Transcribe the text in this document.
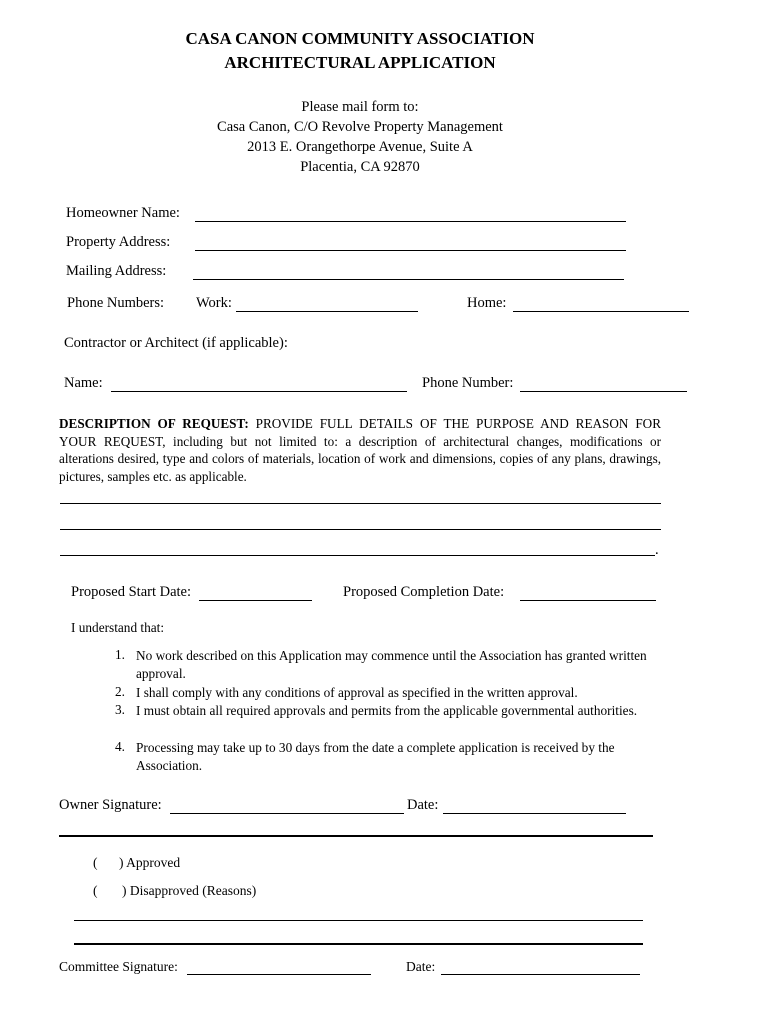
CASA CANON COMMUNITY ASSOCIATION
ARCHITECTURAL APPLICATION
Please mail form to:
Casa Canon, C/O Revolve Property Management
2013 E. Orangethorpe Avenue, Suite A
Placentia, CA 92870
Homeowner Name:
Property Address:
Mailing Address:
Phone Numbers: Work:	Home:
Contractor or Architect (if applicable):
Name:	Phone Number:
DESCRIPTION OF REQUEST: PROVIDE FULL DETAILS OF THE PURPOSE AND REASON FOR YOUR REQUEST, including but not limited to: a description of architectural changes, modifications or alterations desired, type and colors of materials, location of work and dimensions, copies of any plans, drawings, pictures, samples etc. as applicable.
.
Proposed Start Date:	Proposed Completion Date:
I understand that:
1. No work described on this Application may commence until the Association has granted written approval.
2. I shall comply with any conditions of approval as specified in the written approval.
3. I must obtain all required approvals and permits from the applicable governmental authorities.
4. Processing may take up to 30 days from the date a complete application is received by the Association.
Owner Signature:	Date:
( ) Approved
( ) Disapproved (Reasons)
Committee Signature:	Date:
